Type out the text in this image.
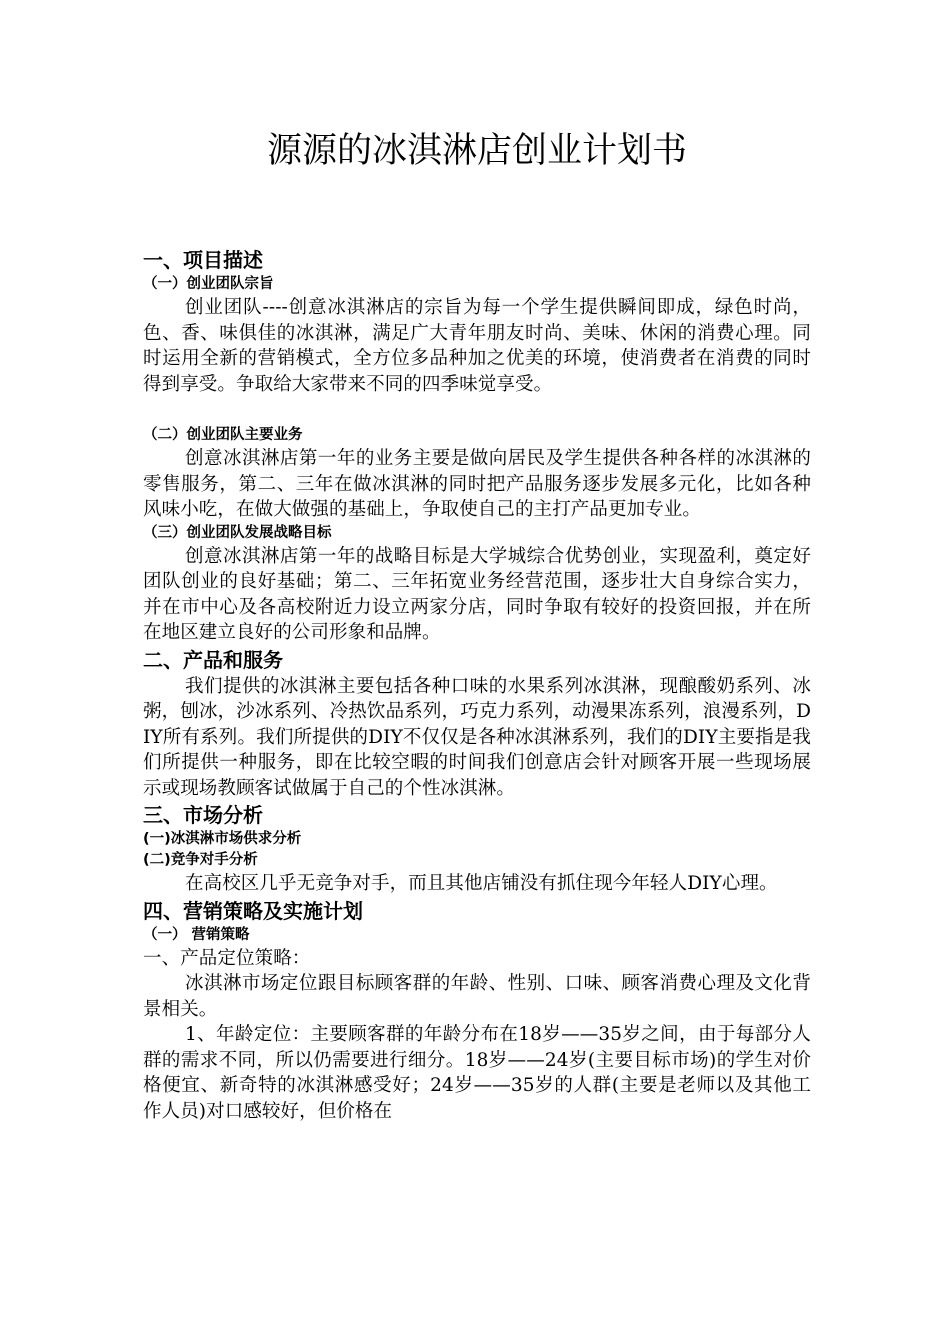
源源的冰淇淋店创业计划书

一、项目描述

（一）创业团队宗旨

创业团队----创意冰淇淋店的宗旨为每一个学生提供瞬间即成，绿色时尚，色、香、味俱佳的冰淇淋，满足广大青年朋友时尚、美味、休闲的消费心理。同时运用全新的营销模式，全方位多品种加之优美的环境，使消费者在消费的同时得到享受。争取给大家带来不同的四季味觉享受。

（二）创业团队主要业务

创意冰淇淋店第一年的业务主要是做向居民及学生提供各种各样的冰淇淋的零售服务，第二、三年在做冰淇淋的同时把产品服务逐步发展多元化，比如各种风味小吃，在做大做强的基础上，争取使自己的主打产品更加专业。

（三）创业团队发展战略目标

创意冰淇淋店第一年的战略目标是大学城综合优势创业，实现盈利，奠定好团队创业的良好基础；第二、三年拓宽业务经营范围，逐步壮大自身综合实力，并在市中心及各高校附近力设立两家分店，同时争取有较好的投资回报，并在所在地区建立良好的公司形象和品牌。

二、产品和服务

我们提供的冰淇淋主要包括各种口味的水果系列冰淇淋，现酿酸奶系列、冰粥，刨冰，沙冰系列、冷热饮品系列，巧克力系列，动漫果冻系列，浪漫系列，DIY所有系列。我们所提供的DIY不仅仅是各种冰淇淋系列，我们的DIY主要指是我们所提供一种服务，即在比较空暇的时间我们创意店会针对顾客开展一些现场展示或现场教顾客试做属于自己的个性冰淇淋。

三、市场分析

(一)冰淇淋市场供求分析

(二)竞争对手分析

在高校区几乎无竞争对手，而且其他店铺没有抓住现今年轻人DIY心理。

四、营销策略及实施计划

（一） 营销策略

一、产品定位策略：

冰淇淋市场定位跟目标顾客群的年龄、性别、口味、顾客消费心理及文化背景相关。

1、年龄定位：主要顾客群的年龄分布在18岁——35岁之间，由于每部分人群的需求不同，所以仍需要进行细分。18岁——24岁(主要目标市场)的学生对价格便宜、新奇特的冰淇淋感受好；24岁——35岁的人群(主要是老师以及其他工作人员)对口感较好，但价格在
